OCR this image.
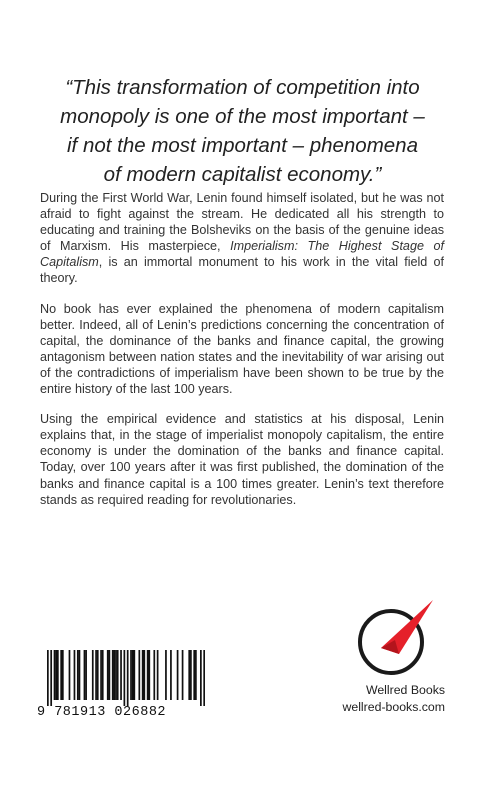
“This transformation of competition into
monopoly is one of the most important –
if not the most important – phenomena
of modern capitalist economy.”

During the First World War, Lenin found himself isolated, but he was not afraid to fight against the stream. He dedicated all his strength to educating and training the Bolsheviks on the basis of the genuine ideas of Marxism. His masterpiece, Imperialism: The Highest Stage of Capitalism, is an immortal monument to his work in the vital field of theory.

No book has ever explained the phenomena of modern capitalism better. Indeed, all of Lenin’s predictions concerning the concentration of capital, the dominance of the banks and finance capital, the growing antagonism between nation states and the inevitability of war arising out of the contradictions of imperialism have been shown to be true by the entire history of the last 100 years.

Using the empirical evidence and statistics at his disposal, Lenin explains that, in the stage of imperialist monopoly capitalism, the entire economy is under the domination of the banks and finance capital. Today, over 100 years after it was first published, the domination of the banks and finance capital is a 100 times greater. Lenin’s text therefore stands as required reading for revolutionaries.

9 781913 026882
Wellred Books
wellred-books.com
